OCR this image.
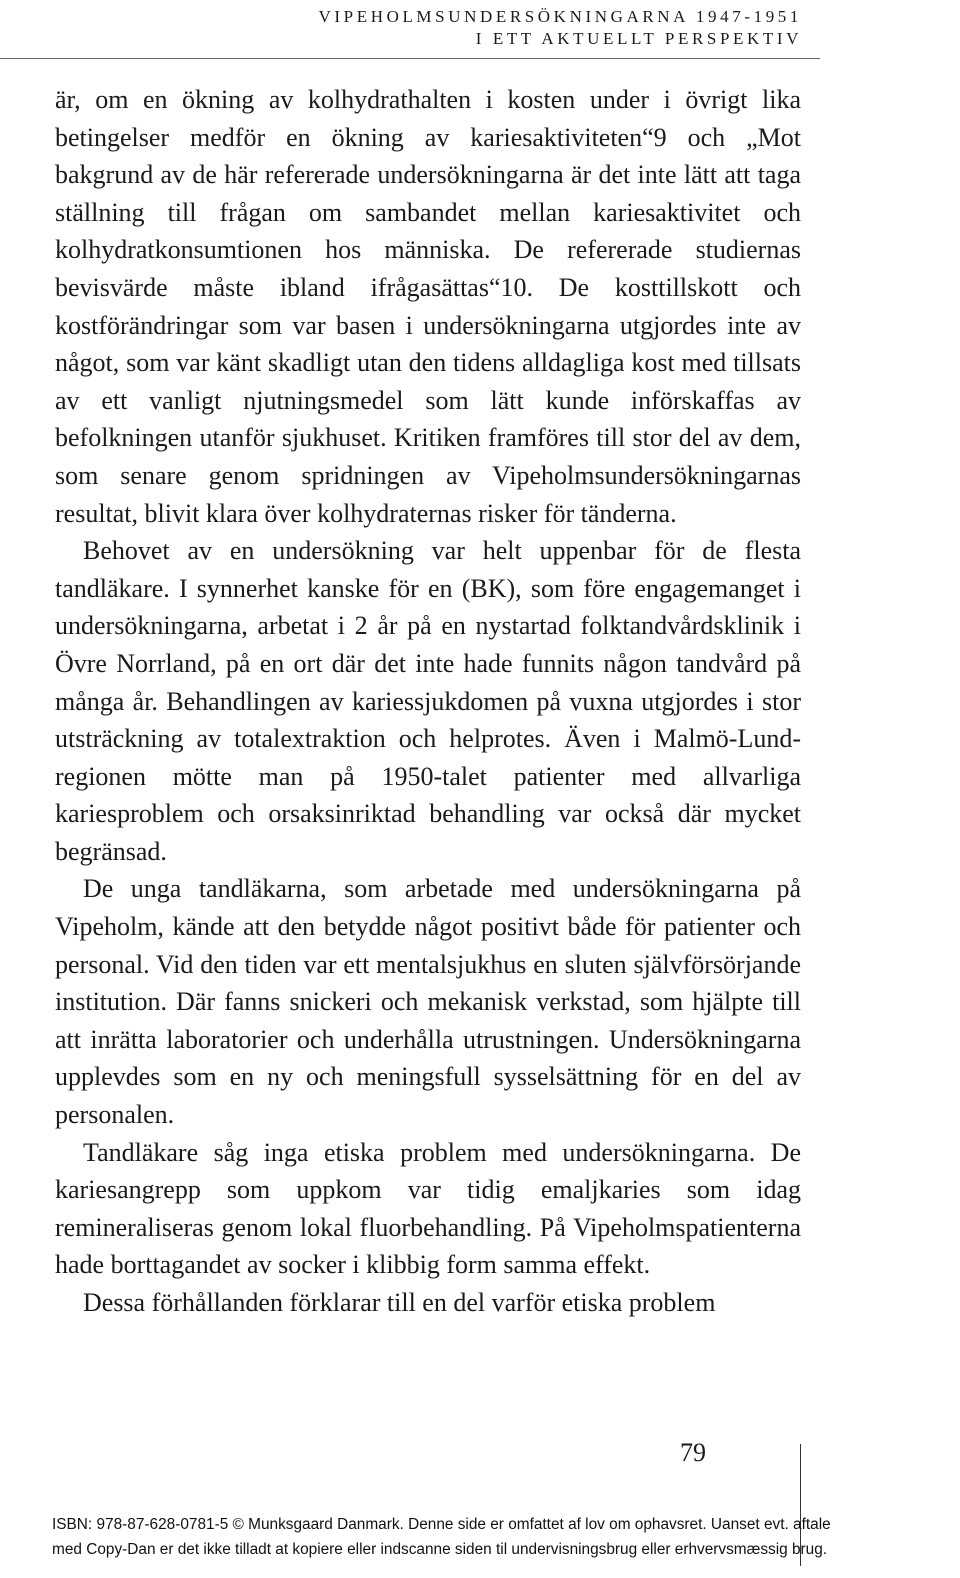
VIPEHOLMSUNDERSÖKNINGARNA 1947-1951
I ETT AKTUELLT PERSPEKTIV

är, om en ökning av kolhydrathalten i kosten under i övrigt lika betingelser medför en ökning av kariesaktiviteten“9 och „Mot bakgrund av de här refererade undersökningarna är det inte lätt att taga ställning till frågan om sambandet mellan kariesaktivitet och kolhydratkonsumtionen hos människa. De refererade studiernas bevisvärde måste ibland ifrågasättas“10. De kosttillskott och kostförändringar som var basen i undersökningarna utgjordes inte av något, som var känt skadligt utan den tidens alldagliga kost med tillsats av ett vanligt njutningsmedel som lätt kunde införskaffas av befolkningen utanför sjukhuset. Kritiken framföres till stor del av dem, som senare genom spridningen av Vipeholmsundersökningarnas resultat, blivit klara över kolhydraternas risker för tänderna.

Behovet av en undersökning var helt uppenbar för de flesta tandläkare. I synnerhet kanske för en (BK), som före engagemanget i undersökningarna, arbetat i 2 år på en nystartad folktandvårdsklinik i Övre Norrland, på en ort där det inte hade funnits någon tandvård på många år. Behandlingen av kariessjukdomen på vuxna utgjordes i stor utsträckning av totalextraktion och helprotes. Även i Malmö-Lund-regionen mötte man på 1950-talet patienter med allvarliga kariesproblem och orsaksinriktad behandling var också där mycket begränsad.

De unga tandläkarna, som arbetade med undersökningarna på Vipeholm, kände att den betydde något positivt både för patienter och personal. Vid den tiden var ett mentalsjukhus en sluten självförsörjande institution. Där fanns snickeri och mekanisk verkstad, som hjälpte till att inrätta laboratorier och underhålla utrustningen. Undersökningarna upplevdes som en ny och meningsfull sysselsättning för en del av personalen.

Tandläkare såg inga etiska problem med undersökningarna. De kariesangrepp som uppkom var tidig emaljkaries som idag remineraliseras genom lokal fluorbehandling. På Vipeholmspatienterna hade borttagandet av socker i klibbig form samma effekt.

Dessa förhållanden förklarar till en del varför etiska problem

79
ISBN: 978-87-628-0781-5 © Munksgaard Danmark. Denne side er omfattet af lov om ophavsret. Uanset evt. aftale
med Copy-Dan er det ikke tilladt at kopiere eller indscanne siden til undervisningsbrug eller erhvervsmæssig brug.
